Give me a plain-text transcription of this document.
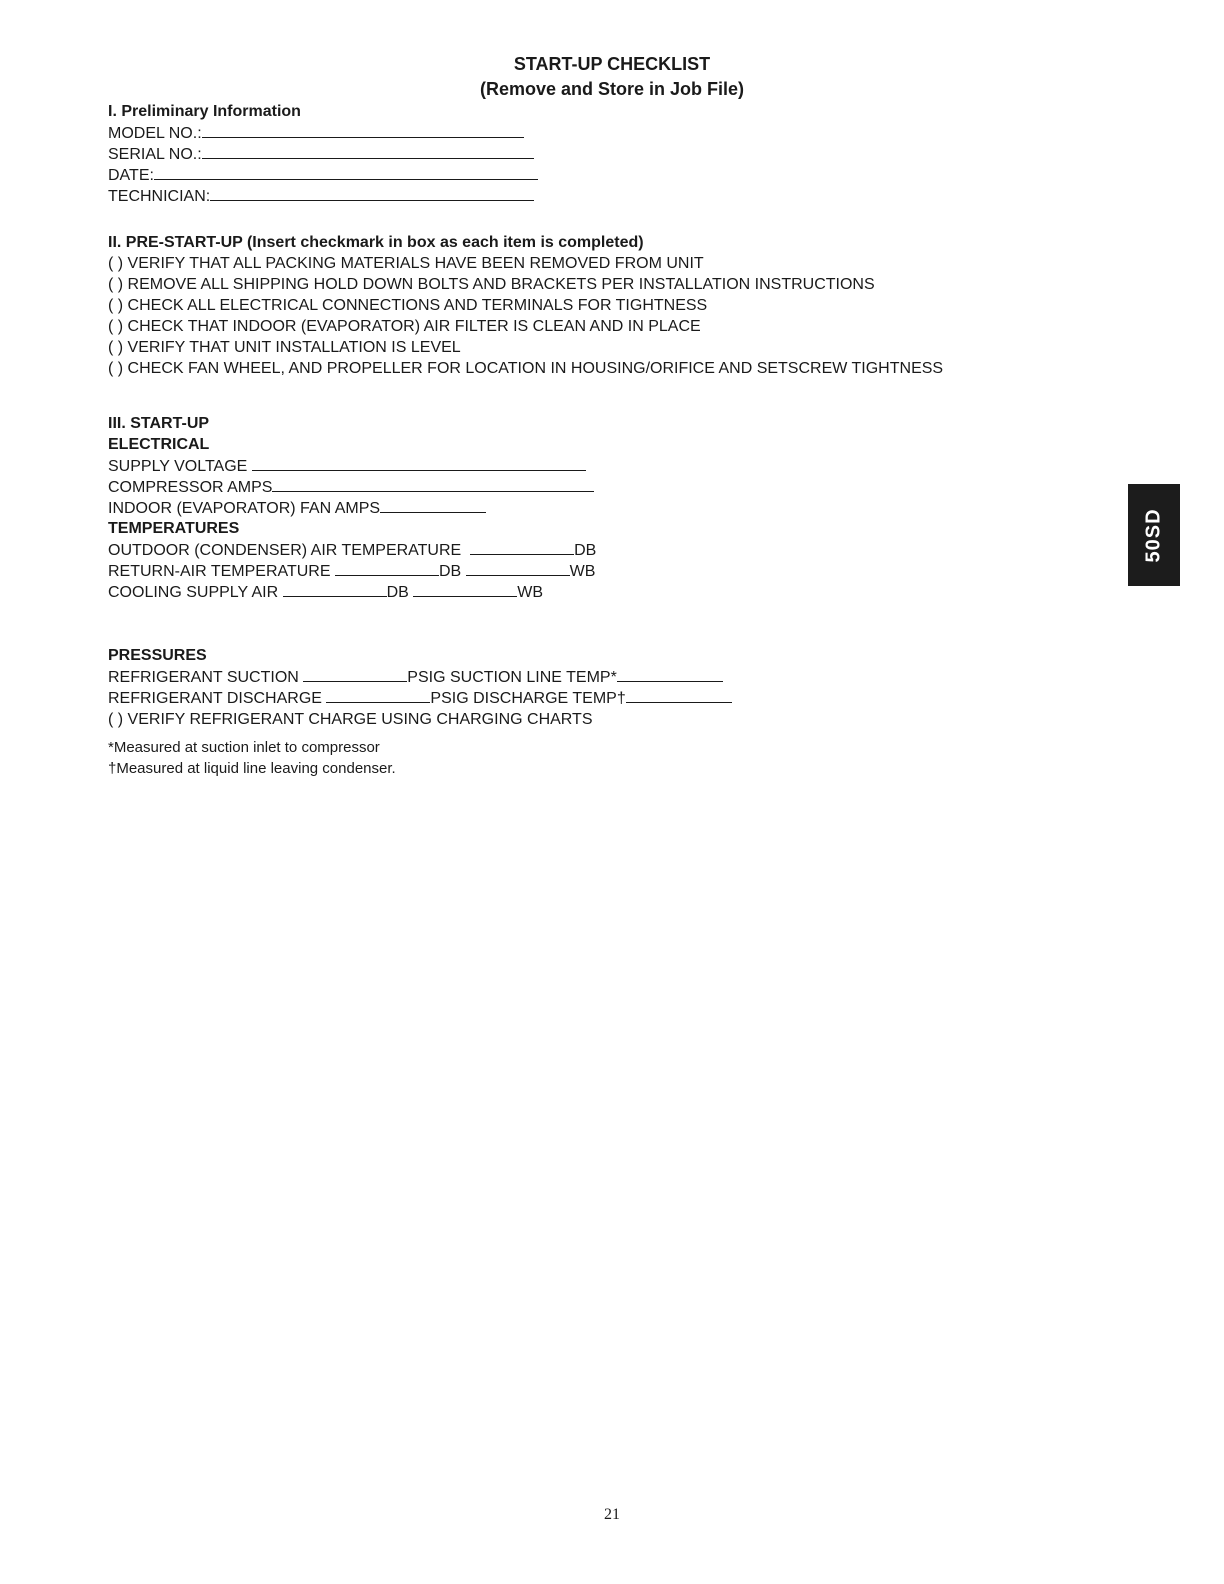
START-UP CHECKLIST
(Remove and Store in Job File)
I. Preliminary Information
MODEL NO.:
SERIAL NO.:
DATE:
TECHNICIAN:
II. PRE-START-UP (Insert checkmark in box as each item is completed)
( ) VERIFY THAT ALL PACKING MATERIALS HAVE BEEN REMOVED FROM UNIT
( ) REMOVE ALL SHIPPING HOLD DOWN BOLTS AND BRACKETS PER INSTALLATION INSTRUCTIONS
( ) CHECK ALL ELECTRICAL CONNECTIONS AND TERMINALS FOR TIGHTNESS
( ) CHECK THAT INDOOR (EVAPORATOR) AIR FILTER IS CLEAN AND IN PLACE
( ) VERIFY THAT UNIT INSTALLATION IS LEVEL
( ) CHECK FAN WHEEL, AND PROPELLER FOR LOCATION IN HOUSING/ORIFICE AND SETSCREW TIGHTNESS
III. START-UP
ELECTRICAL
SUPPLY VOLTAGE
COMPRESSOR AMPS
INDOOR (EVAPORATOR) FAN AMPS
TEMPERATURES
OUTDOOR (CONDENSER) AIR TEMPERATURE	DB
RETURN-AIR TEMPERATURE	DB	WB
COOLING SUPPLY AIR	DB	WB
PRESSURES
REFRIGERANT SUCTION	PSIG SUCTION LINE TEMP*
REFRIGERANT DISCHARGE	PSIG DISCHARGE TEMP†
( ) VERIFY REFRIGERANT CHARGE USING CHARGING CHARTS
*Measured at suction inlet to compressor
†Measured at liquid line leaving condenser.
50SD
21
